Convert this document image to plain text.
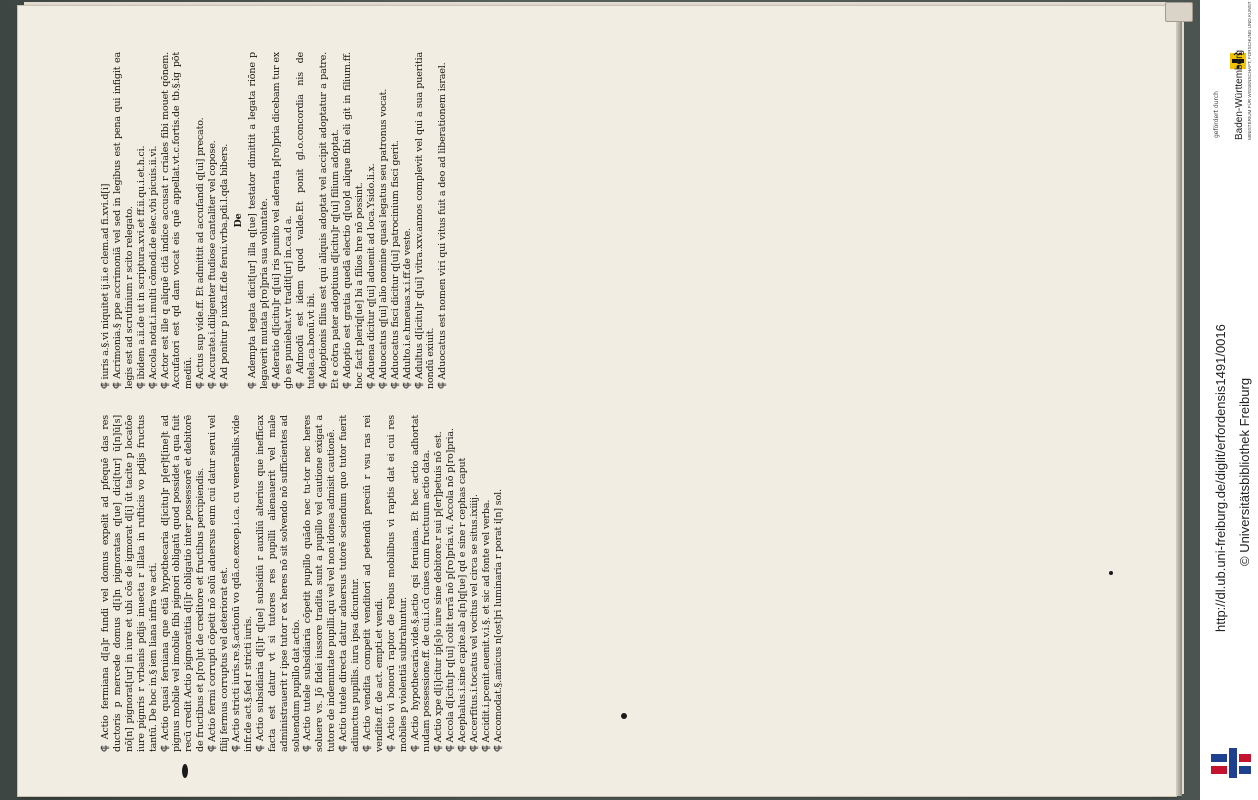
⸿ Actio fermiana d[a]r fundi vel domus expelit ad pfequē das res ductoris p mercede domus d[i]n pignoratas q[ue] dici[tur] ū[n]ū[s] nō[n] pignorat[ur] in iure et ubi cōs de igmorat d[i] ūt tacite p locatōe iure pignris r vrbanis pdijs inuecta r illata in rufticis vo pdijs fructus tantū. De hoc in.§ iem liana infra ve acti. ⸿ Actio quasi feruiana que etiā hypothecaria d[icitu]r p[er]t[ine]t ad pignus mobile vel imobile fibi pignori obligatū quod possidet a qua fuit recū credit Actio pignoratitia d[i]r obligatio inter possessorē et debitorē de fructibus et p[ro]ut de creditore et fructibus percipiendis. ⸿ Actio fermi corrupti cōpetit nō solū aduersus eum cui datur serui vel filij fermus corruptus vel deteriorat est. ⸿ Actio stricti iuris.re.§.actionū vo qdā.ce.excep.i.ca. cu venerabilis.vide infr.de act.§.fed r stricti iuris. ⸿ Actio subsidiaria d[i]r q[ue] subsidiū r auxiliū alterius que inefficax facta est datur vt si tutores res pupilli alienauerit vel male administrauerit r ipse tutor r ex heres nō sit solvendo nō sufficientes ad soluendum pupillo dat actio. ⸿ Actio tutele subsidiaria cōpetit pupillo quādo nec tu-tor nec heres soluere vs. Jō fidei iussore tradita sunt a pupillo vel cautione exigat a tutore de indemnitate pupilli.qui vel vel non idonea admisit cautionē. ⸿ Actio tutele directa datur aduersus tutorē sciendum quo tutor fuerit adiunctus pupillis. iura ipsa dicuntur. ⸿ Actio vendita competit venditori ad petendū preciū r vsu ras rei vendite.ff. de act. empti.et vendi. ⸿ Actio vi bonorū raptor de rebus mobilibus vi raptis dat ei cui res mobiles p violentiā subtrahuntur. ⸿ Actio hypothecaria.vide.§.actio qsi feruiana. Et hec actio adhortat nudam possessione.ff. de cui.i.cū ciues cum fructuum actio data. ⸿ Actio xpe d[i]citur ip[s]o iure sine debitore.r sui p[er]petuis nō est.

⸿ Accola d[icitu]r q[ui] colit terrā nō p[ro]pria.vi. Accola nō p[ro]pria.

⸿ Acephalus.i.sine capite.ab a[n]q[ue] qd e sine r cephas caput

⸿ Accerfitus.i.tocatus vel vocitus vel circa se situs.ixiiij.

⸿ Accidit.i.pcenit.euenit.v.i.§. et sic ad fonte vel verba.

⸿ Accomodat.§.amicus n[ost]ri luminaria r porat i[n] sol.

⸿ iuris a.§.vi niquitet ij.ii.e clem.ad fi.xvi.d[i]

⸿ Acrimonia.§ ppe accrimoniā vel sed in legibus est pena qui infigit ea legis est ad scrutinium r scito relegato. ⸿ ibidem a.ii.de ut in scriptura.xvi.et ff.ii.qu.i.et.h.ci.

⸿ Accola notat.i.multi cōmodi.de elec.vbi picuis.ii.vi.

⸿ Actor est ille q aliquē citā indice accusat r criales fibi mouet qōnem. Accufatori est qd dam vocat eis quē appellat.vt.c.fortis.de tb.§.ig pōt mediū. ⸿ Actus sup vide.ff. Et admittit ad accufandi q[ui] precato.

⸿ Accurate.i.diligenter ftudiose cantaliter vel copose.

⸿ Ad ponitur p iuxta.ff.de ferui.vrba.pdi.l.qda bibers. De

⸿ Adempta legata dicit[ur] illa q[ue] testator dimittit a legata riōne p legaverit mutata p[ro]pria sua voluntate. ⸿ Aderatio d[icitu]r q[ui] ris punito vel aderata p[ro]pria dicebam tur ex gb es puniebat.vr tradit[ur] in.ca.d a. ⸿ Admodū est idem quod valde.Et ponit gl.o.concordia nis de tutela.ca.bonū.vt ibi. ⸿ Adoptionis filius est qui aliquis adoptat vel accipit adoptatur a patre. Et e cōtra pater adoptiuus d[icitu]r q[ui] filium adoptat. ⸿ Adoptio est gratia quedā electio q[uo]d alique fibi eli git in filium.ff. hoc facit pleriq[ue] bi a filios hre nō possint. ⸿ Aduena dicitur q[ui] aduenit ad loca.Ysido.li.x.

⸿ Aduocatus q[ui] alio nomine quasi legatus seu patronus vocat.

⸿ Aduocatus fisci dicitur q[ui] patrocinium fisci gerit.

⸿ Adulto.i.e.hmeuas.x.i.ff.de veste.

⸿ Adultus d[icitu]r q[ui] vitra.xxv.annos complevit vel qui a sua pueritia nondū exiuit. ⸿ Aduocatus est nomen viri qui vitus fuit a deo ad liberationem israel.	gefördert durch Baden-Württemberg MINISTERIUM FÜR WISSENSCHAFT, FORSCHUNG UND KUNST
http://dl.ub.uni-freiburg.de/diglit/erfordensis1491/0016 © Universitätsbibliothek Freiburg
